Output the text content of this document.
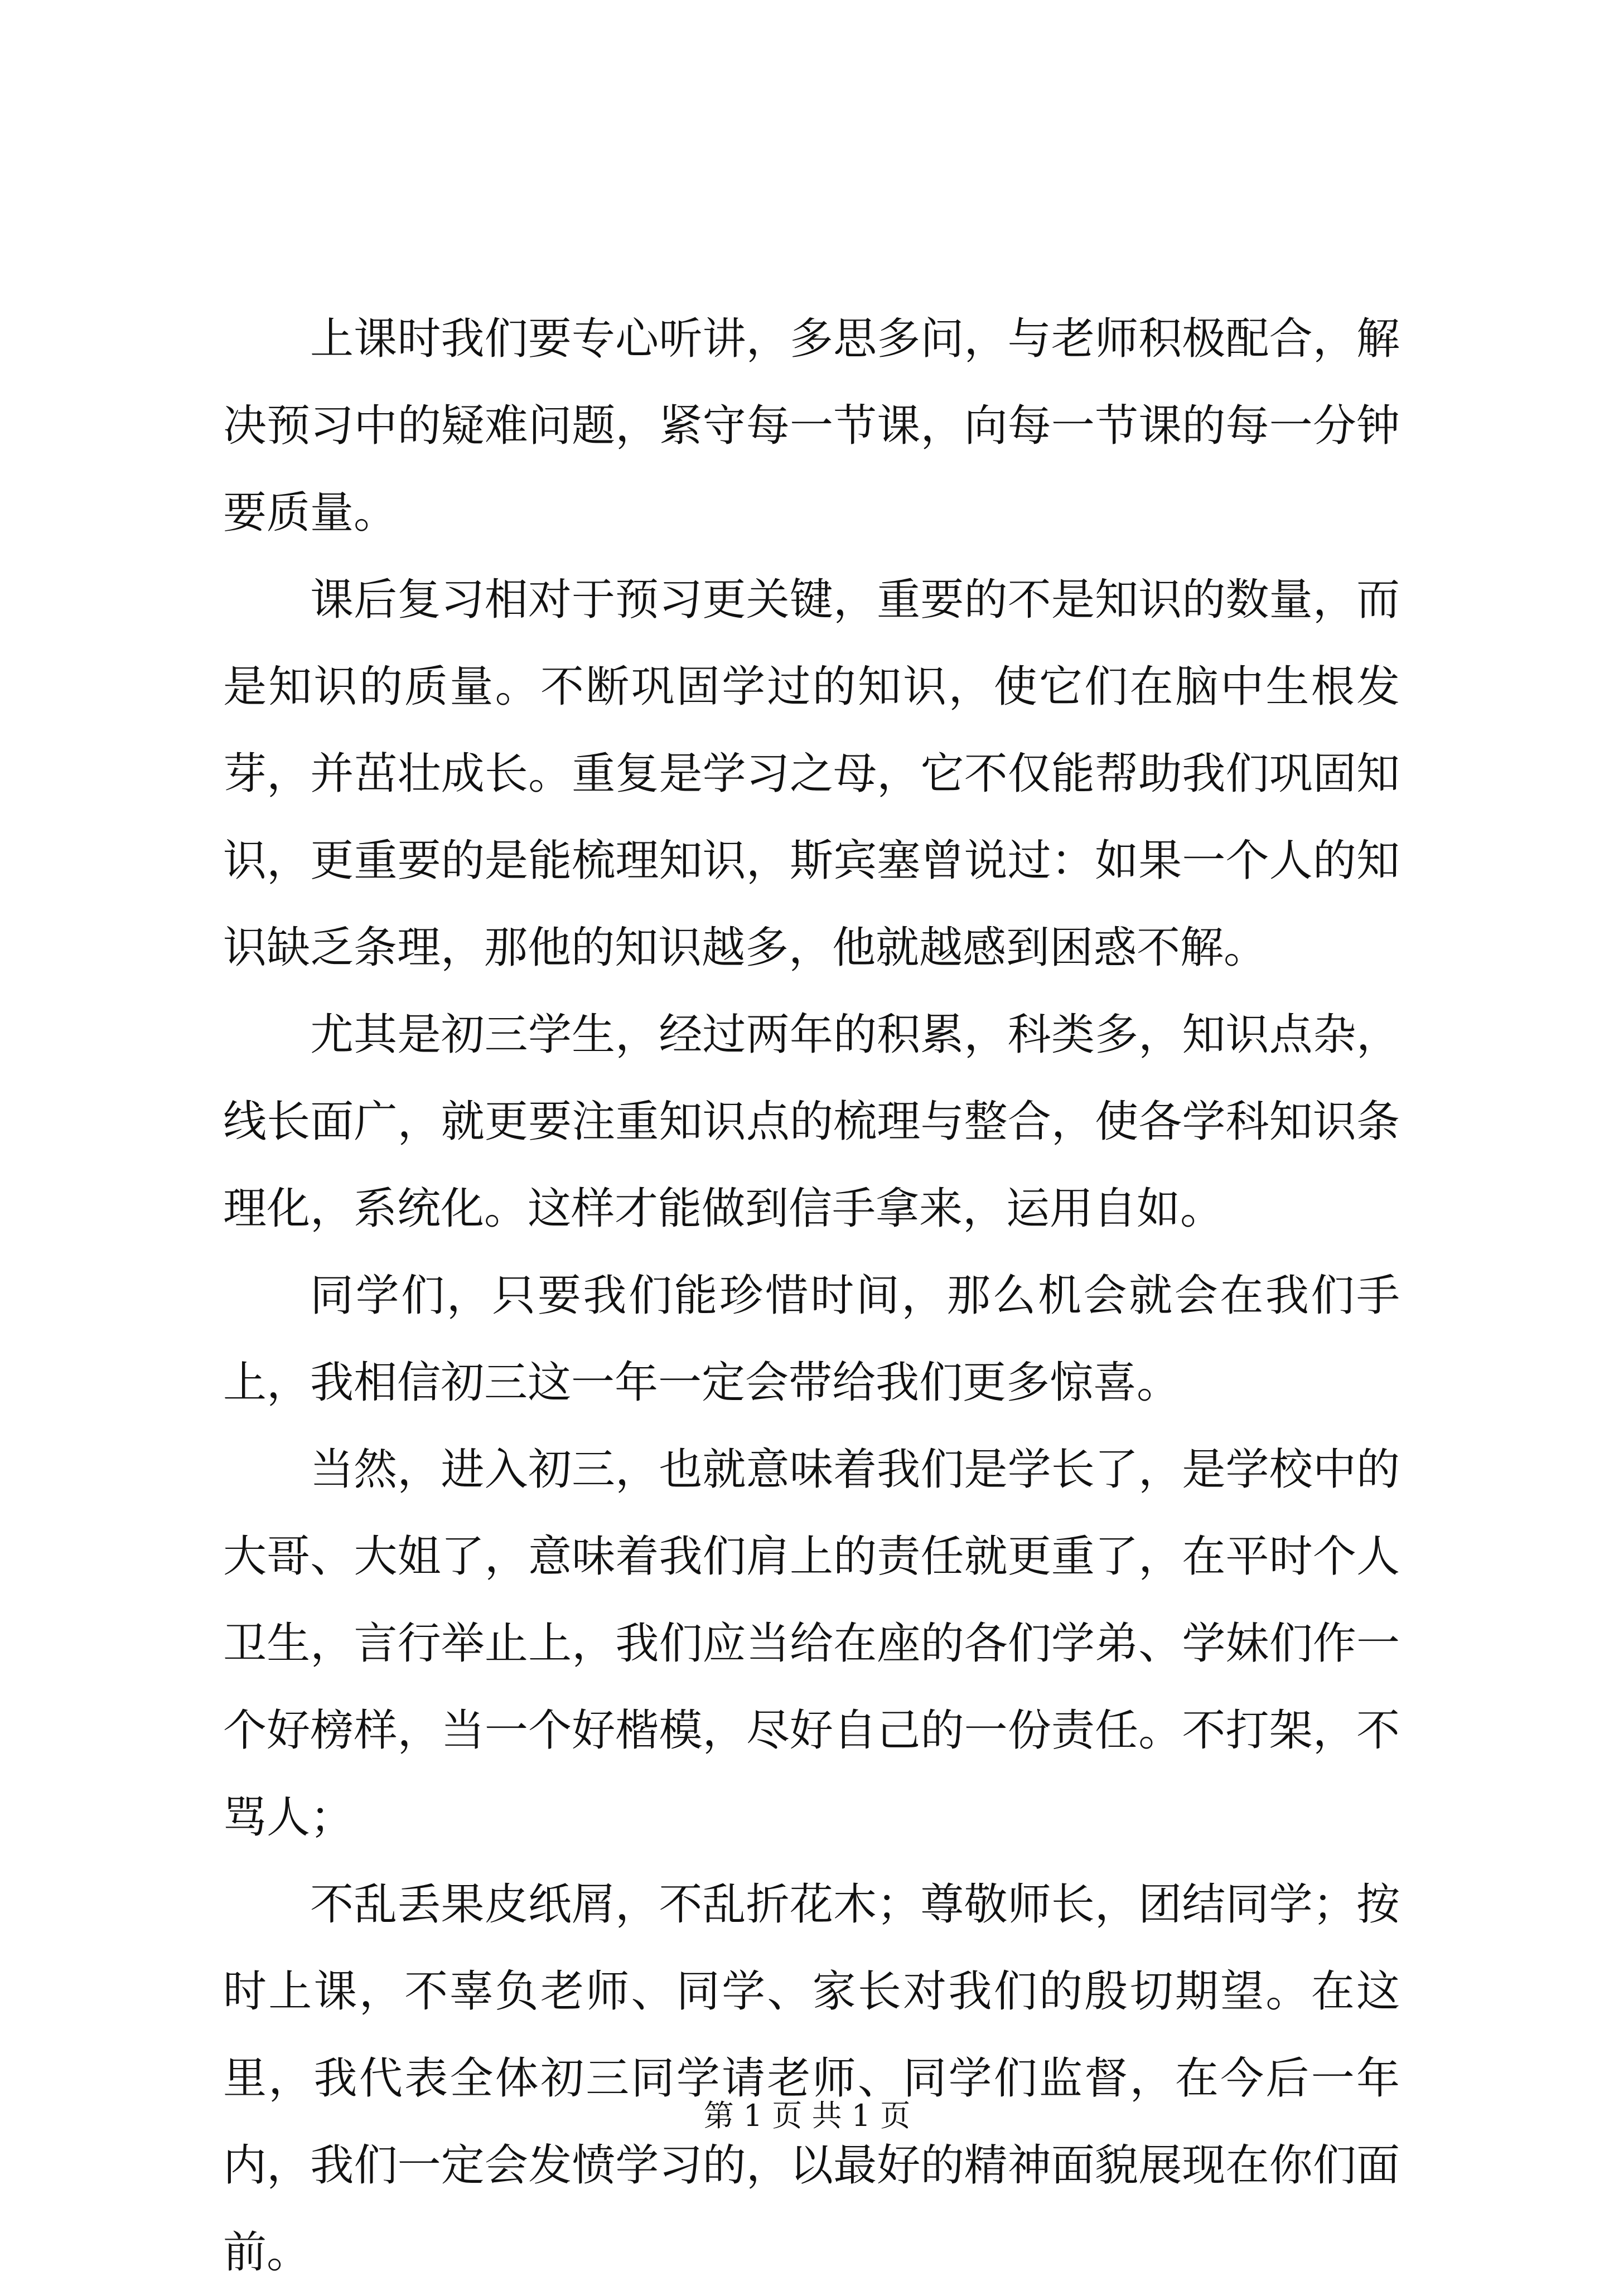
上课时我们要专心听讲，多思多问，与老师积极配合，解决预习中的疑难问题，紧守每一节课，向每一节课的每一分钟要质量。

课后复习相对于预习更关键，重要的不是知识的数量，而是知识的质量。不断巩固学过的知识，使它们在脑中生根发芽，并茁壮成长。重复是学习之母，它不仅能帮助我们巩固知识，更重要的是能梳理知识，斯宾塞曾说过：如果一个人的知识缺乏条理，那他的知识越多，他就越感到困惑不解。

尤其是初三学生，经过两年的积累，科类多，知识点杂，线长面广，就更要注重知识点的梳理与整合，使各学科知识条理化，系统化。这样才能做到信手拿来，运用自如。

同学们，只要我们能珍惜时间，那么机会就会在我们手上，我相信初三这一年一定会带给我们更多惊喜。

当然，进入初三，也就意味着我们是学长了，是学校中的大哥、大姐了，意味着我们肩上的责任就更重了，在平时个人卫生，言行举止上，我们应当给在座的各们学弟、学妹们作一个好榜样，当一个好楷模，尽好自己的一份责任。不打架，不骂人；

不乱丢果皮纸屑，不乱折花木；尊敬师长，团结同学；按时上课，不辜负老师、同学、家长对我们的殷切期望。在这里，我代表全体初三同学请老师、同学们监督，在今后一年内，我们一定会发愤学习的，以最好的精神面貌展现在你们面前。

第 1 页 共 1 页
